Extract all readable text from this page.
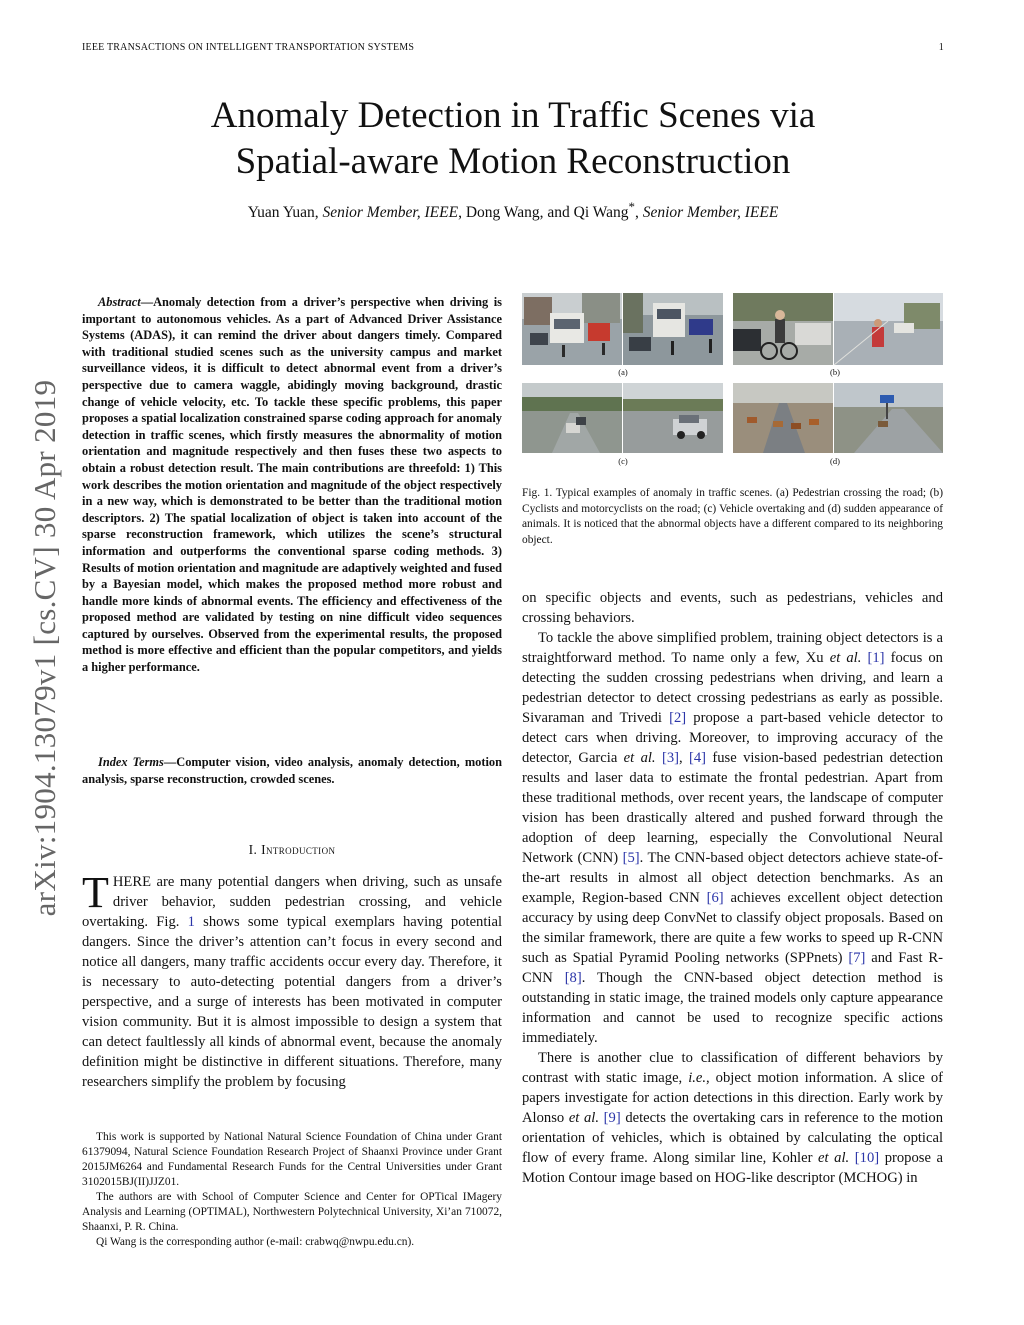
IEEE TRANSACTIONS ON INTELLIGENT TRANSPORTATION SYSTEMS	1
Anomaly Detection in Traffic Scenes via
Spatial-aware Motion Reconstruction
Yuan Yuan, Senior Member, IEEE, Dong Wang, and Qi Wang*, Senior Member, IEEE
arXiv:1904.13079v1 [cs.CV] 30 Apr 2019

Abstract—Anomaly detection from a driver’s perspective when driving is important to autonomous vehicles. As a part of Advanced Driver Assistance Systems (ADAS), it can remind the driver about dangers timely. Compared with traditional studied scenes such as the university campus and market surveillance videos, it is difficult to detect abnormal event from a driver’s perspective due to camera waggle, abidingly moving background, drastic change of vehicle velocity, etc. To tackle these specific problems, this paper proposes a spatial localization constrained sparse coding approach for anomaly detection in traffic scenes, which firstly measures the abnormality of motion orientation and magnitude respectively and then fuses these two aspects to obtain a robust detection result. The main contributions are threefold: 1) This work describes the motion orientation and magnitude of the object respectively in a new way, which is demonstrated to be better than the traditional motion descriptors. 2) The spatial localization of object is taken into account of the sparse reconstruction framework, which utilizes the scene’s structural information and outperforms the conventional sparse coding methods. 3) Results of motion orientation and magnitude are adaptively weighted and fused by a Bayesian model, which makes the proposed method more robust and handle more kinds of abnormal events. The efficiency and effectiveness of the proposed method are validated by testing on nine difficult video sequences captured by ourselves. Observed from the experimental results, the proposed method is more effective and efficient than the popular competitors, and yields a higher performance.

Index Terms—Computer vision, video analysis, anomaly detection, motion analysis, sparse reconstruction, crowded scenes.

I. Introduction

THERE are many potential dangers when driving, such as unsafe driver behavior, sudden pedestrian crossing, and vehicle overtaking. Fig. 1 shows some typical exemplars having potential dangers. Since the driver’s attention can’t focus in every second and notice all dangers, many traffic accidents occur every day. Therefore, it is necessary to auto-detecting potential dangers from a driver’s perspective, and a surge of interests has been motivated in computer vision community. But it is almost impossible to design a system that can detect faultlessly all kinds of abnormal event, because the anomaly definition might be distinctive in different situations. Therefore, many researchers simplify the problem by focusing

This work is supported by National Natural Science Foundation of China under Grant 61379094, Natural Science Foundation Research Project of Shaanxi Province under Grant 2015JM6264 and Fundamental Research Funds for the Central Universities under Grant 3102015BJ(II)JJZ01.

The authors are with School of Computer Science and Center for OPTical IMagery Analysis and Learning (OPTIMAL), Northwestern Polytechnical University, Xi’an 710072, Shaanxi, P. R. China.

Qi Wang is the corresponding author (e-mail: crabwq@nwpu.edu.cn).

(a)	(b)
(c)	(d)
Fig. 1. Typical examples of anomaly in traffic scenes. (a) Pedestrian crossing the road; (b) Cyclists and motorcyclists on the road; (c) Vehicle overtaking and (d) sudden appearance of animals. It is noticed that the abnormal objects have a different compared to its neighboring object.

on specific objects and events, such as pedestrians, vehicles and crossing behaviors.

To tackle the above simplified problem, training object detectors is a straightforward method. To name only a few, Xu et al. [1] focus on detecting the sudden crossing pedestrians when driving, and learn a pedestrian detector to detect crossing pedestrians as early as possible. Sivaraman and Trivedi [2] propose a part-based vehicle detector to detect cars when driving. Moreover, to improving accuracy of the detector, Garcia et al. [3], [4] fuse vision-based pedestrian detection results and laser data to estimate the frontal pedestrian. Apart from these traditional methods, over recent years, the landscape of computer vision has been drastically altered and pushed forward through the adoption of deep learning, especially the Convolutional Neural Network (CNN) [5]. The CNN-based object detectors achieve state-of-the-art results in almost all object detection benchmarks. As an example, Region-based CNN [6] achieves excellent object detection accuracy by using deep ConvNet to classify object proposals. Based on the similar framework, there are quite a few works to speed up R-CNN such as Spatial Pyramid Pooling networks (SPPnets) [7] and Fast R-CNN [8]. Though the CNN-based object detection method is outstanding in static image, the trained models only capture appearance information and cannot be used to recognize specific actions immediately.

There is another clue to classification of different behaviors by contrast with static image, i.e., object motion information. A slice of papers investigate for action detections in this direction. Early work by Alonso et al. [9] detects the overtaking cars in reference to the motion orientation of vehicles, which is obtained by calculating the optical flow of every frame. Along similar line, Kohler et al. [10] propose a Motion Contour image based on HOG-like descriptor (MCHOG) in
